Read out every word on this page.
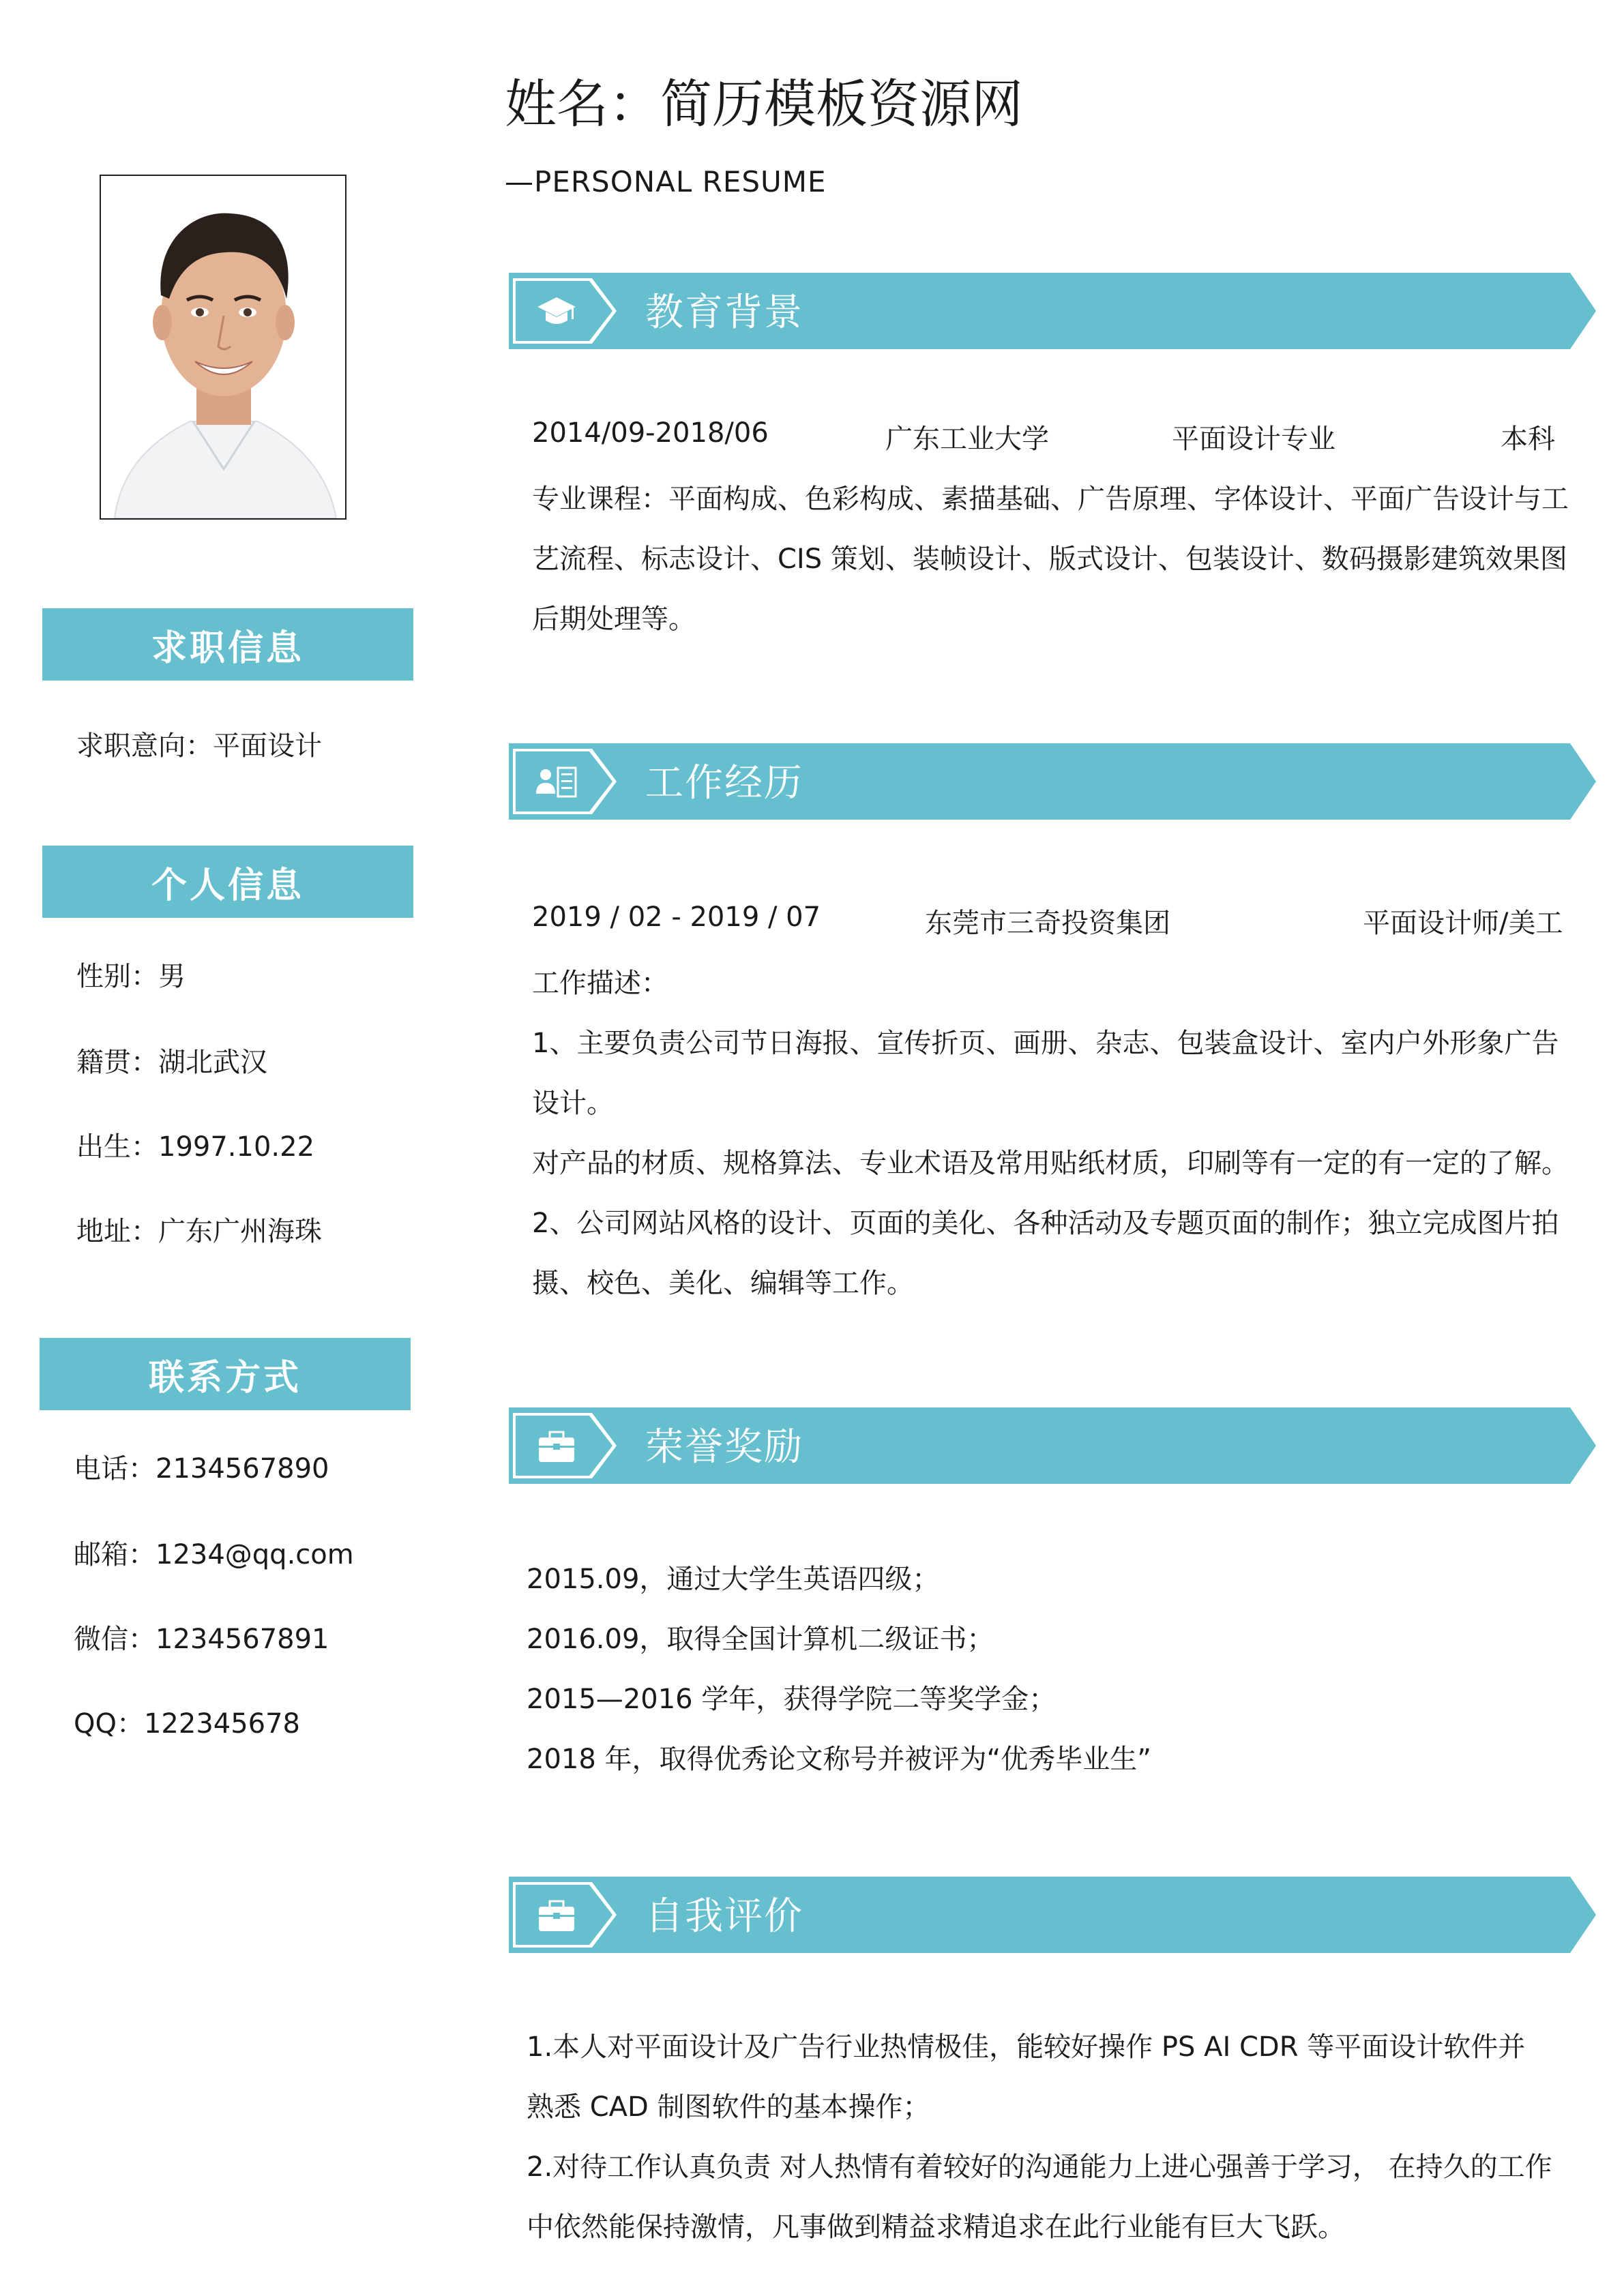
姓名：简历模板资源网
—PERSONAL RESUME
求职信息
求职意向：平面设计
个人信息
性别：男
籍贯：湖北武汉
出生：1997.10.22
地址：广东广州海珠
联系方式
电话：2134567890
邮箱：1234@qq.com
微信：1234567891
QQ：122345678
教育背景
2014/09-2018/06	广东工业大学	平面设计专业	本科
专业课程：平面构成、色彩构成、素描基础、广告原理、字体设计、平面广告设计与工
艺流程、标志设计、CIS 策划、装帧设计、版式设计、包装设计、数码摄影建筑效果图
后期处理等。
工作经历
2019 / 02 - 2019 / 07	东莞市三奇投资集团	平面设计师/美工
工作描述：
1、主要负责公司节日海报、宣传折页、画册、杂志、包装盒设计、室内户外形象广告
设计。
对产品的材质、规格算法、专业术语及常用贴纸材质，印刷等有一定的有一定的了解。
2、公司网站风格的设计、页面的美化、各种活动及专题页面的制作；独立完成图片拍
摄、校色、美化、编辑等工作。
荣誉奖励
2015.09，通过大学生英语四级；
2016.09，取得全国计算机二级证书；
2015—2016 学年，获得学院二等奖学金；
2018 年，取得优秀论文称号并被评为“优秀毕业生”
自我评价
1.本人对平面设计及广告行业热情极佳，能较好操作 PS AI CDR 等平面设计软件并
熟悉 CAD 制图软件的基本操作；
2.对待工作认真负责 对人热情有着较好的沟通能力上进心强善于学习， 在持久的工作
中依然能保持激情，凡事做到精益求精追求在此行业能有巨大飞跃。
